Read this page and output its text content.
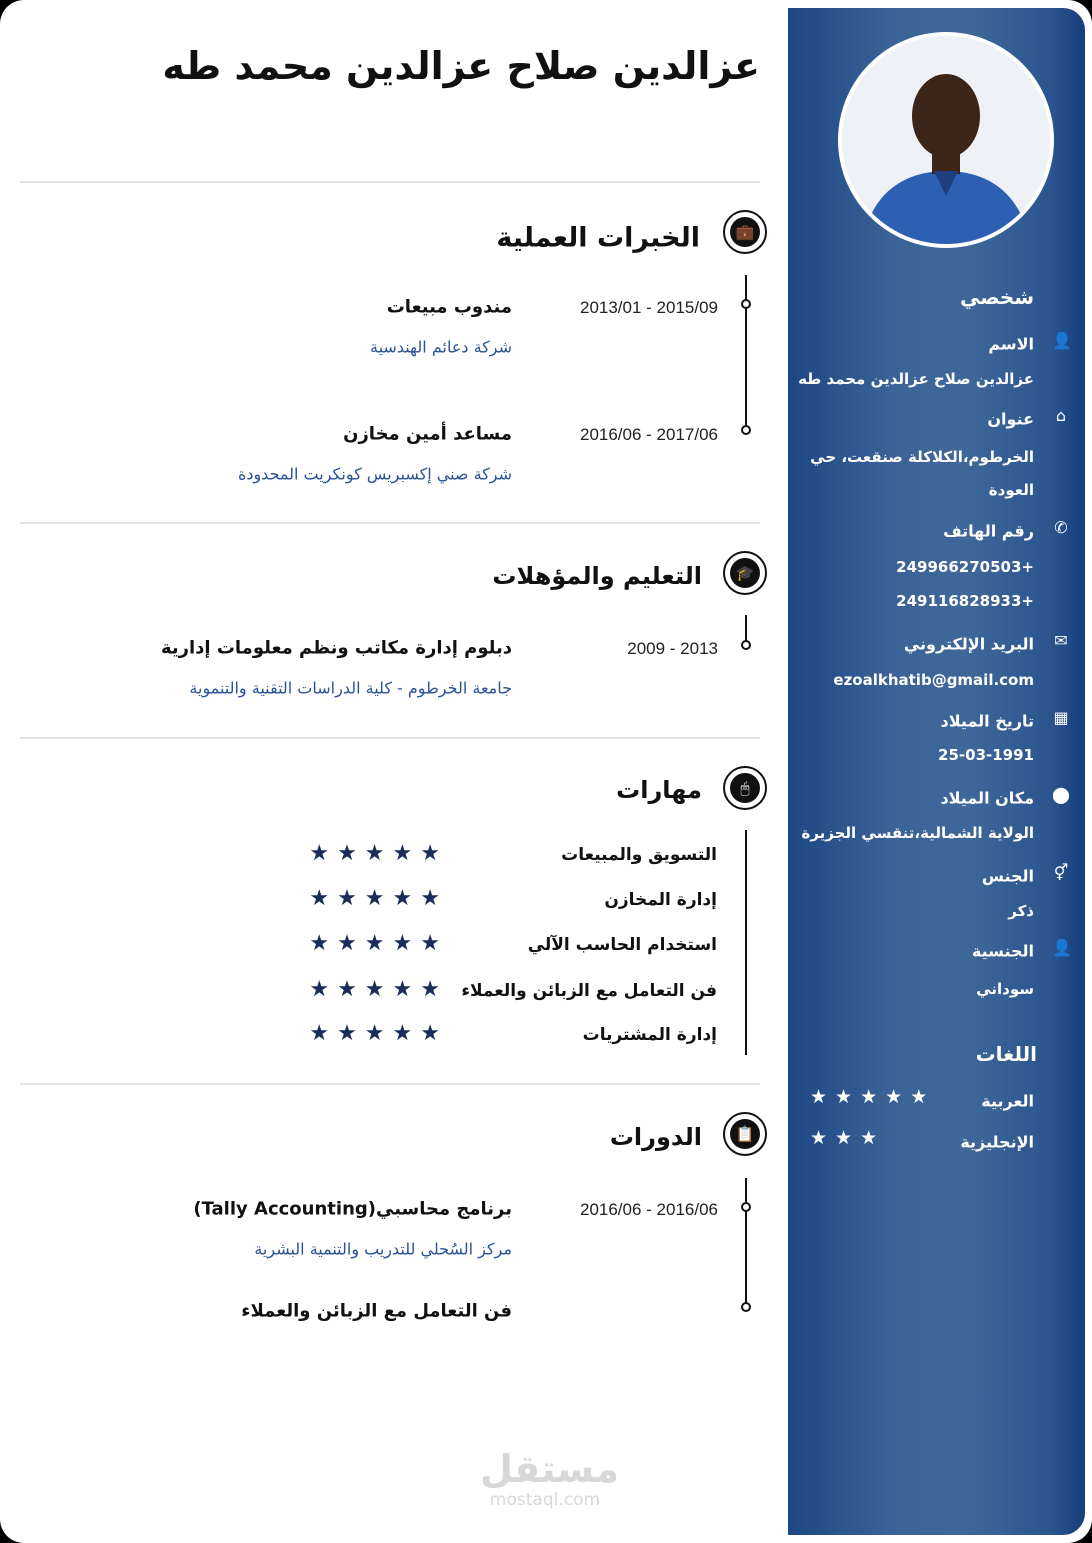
عزالدين صلاح عزالدين محمد طه
💼
الخبرات العملية
2013/01 - 2015/09
مندوب مبيعات
شركة دعائم الهندسية
2016/06 - 2017/06
مساعد أمين مخازن
شركة صني إكسبريس كونكريت المحدودة
🎓
التعليم والمؤهلات
2009 - 2013
دبلوم إدارة مكاتب ونظم معلومات إدارية
جامعة الخرطوم - كلية الدراسات التقنية والتنموية
🖱
مهارات
📋
الدورات
2016/06 - 2016/06
برنامج محاسبي(Tally Accounting)
مركز السُحلي للتدريب والتنمية البشرية
فن التعامل مع الزبائن والعملاء
شخصي
اللغات
مستقل
mostaql.com
التسويق والمبيعات
★ ★ ★ ★ ★
إدارة المخازن
★ ★ ★ ★ ★
استخدام الحاسب الآلي
★ ★ ★ ★ ★
فن التعامل مع الزبائن والعملاء
★ ★ ★ ★ ★
إدارة المشتريات
★ ★ ★ ★ ★
👤
الاسم
عزالدين صلاح عزالدين محمد طه
⌂
عنوان
الخرطوم،الكلاكلة صنقعت، حي
العودة
✆
رقم الهاتف
+249966270503
+249116828933
✉
البريد الإلكتروني
ezoalkhatib@gmail.com
▦
تاريخ الميلاد
25-03-1991
⬤
مكان الميلاد
الولاية الشمالية،تنقسي الجزيرة
⚥
الجنس
ذكر
👤
الجنسية
سوداني
العربية
★ ★ ★ ★ ★
الإنجليزية
★ ★ ★
